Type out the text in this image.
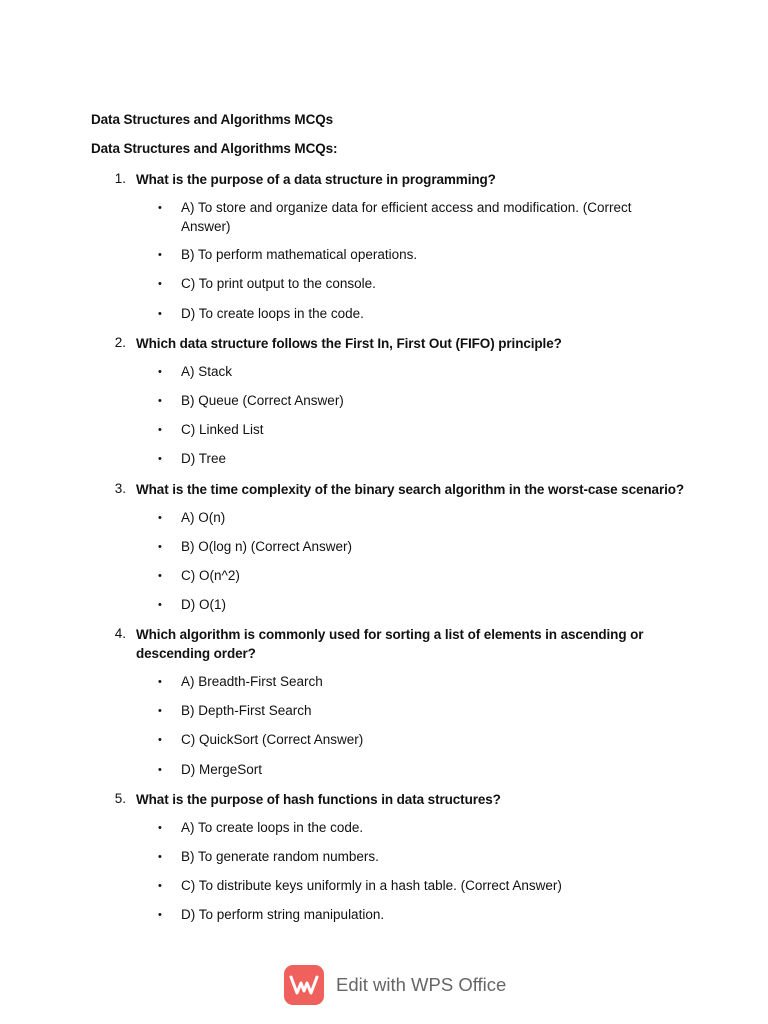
Data Structures and Algorithms MCQs
Data Structures and Algorithms MCQs:
1. What is the purpose of a data structure in programming?
• A) To store and organize data for efficient access and modification. (Correct Answer)
• B) To perform mathematical operations.
• C) To print output to the console.
• D) To create loops in the code.
2. Which data structure follows the First In, First Out (FIFO) principle?
• A) Stack
• B) Queue (Correct Answer)
• C) Linked List
• D) Tree
3. What is the time complexity of the binary search algorithm in the worst-case scenario?
• A) O(n)
• B) O(log n) (Correct Answer)
• C) O(n^2)
• D) O(1)
4. Which algorithm is commonly used for sorting a list of elements in ascending or descending order?
• A) Breadth-First Search
• B) Depth-First Search
• C) QuickSort (Correct Answer)
• D) MergeSort
5. What is the purpose of hash functions in data structures?
• A) To create loops in the code.
• B) To generate random numbers.
• C) To distribute keys uniformly in a hash table. (Correct Answer)
• D) To perform string manipulation.
Edit with WPS Office
